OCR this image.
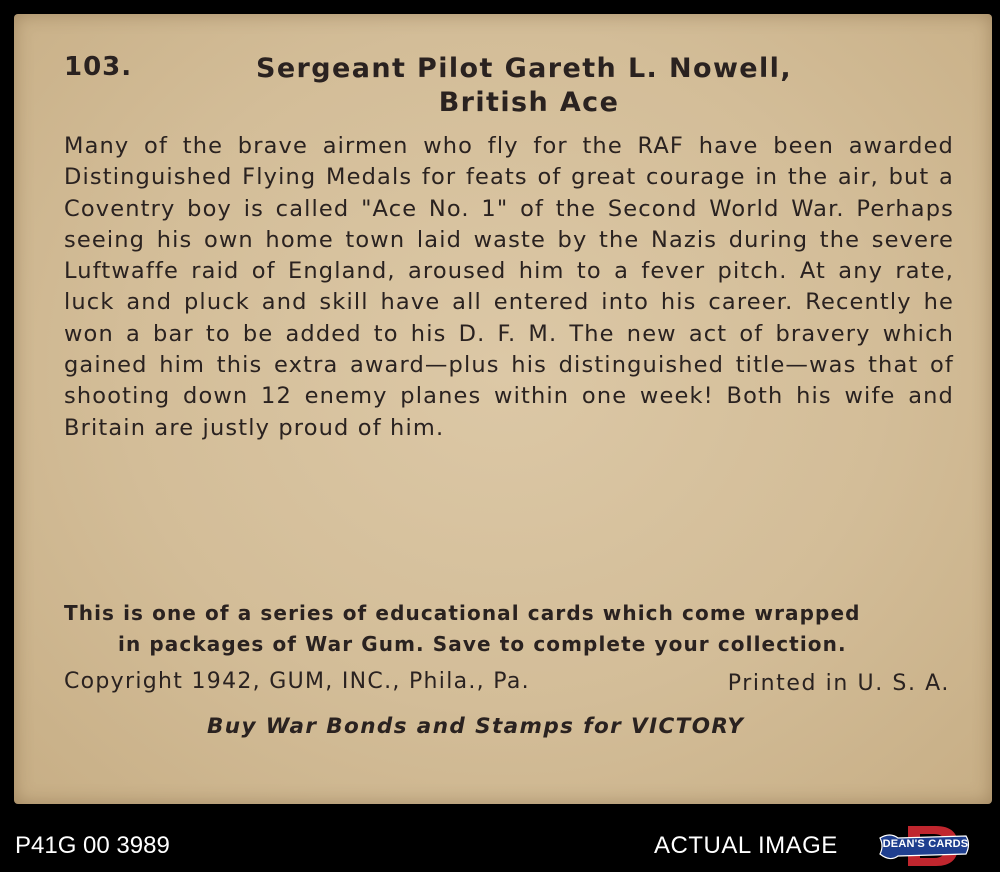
103.	Sergeant Pilot Gareth L. Nowell,
British Ace

Many of the brave airmen who fly for the RAF have been awarded Distinguished Flying Medals for feats of great courage in the air, but a Coventry boy is called "Ace No. 1" of the Second World War. Perhaps seeing his own home town laid waste by the Nazis during the severe Luftwaffe raid of England, aroused him to a fever pitch. At any rate, luck and pluck and skill have all entered into his career. Recently he won a bar to be added to his D. F. M. The new act of bravery which gained him this extra award—plus his distinguished title—was that of shooting down 12 enemy planes within one week! Both his wife and Britain are justly proud of him.

This is one of a series of educational cards which come wrapped
in packages of War Gum. Save to complete your collection.
Copyright 1942, GUM, INC., Phila., Pa.	Printed in U. S. A.
Buy War Bonds and Stamps for VICTORY
P41G 00 3989	ACTUAL IMAGE	DEAN'S CARDS
